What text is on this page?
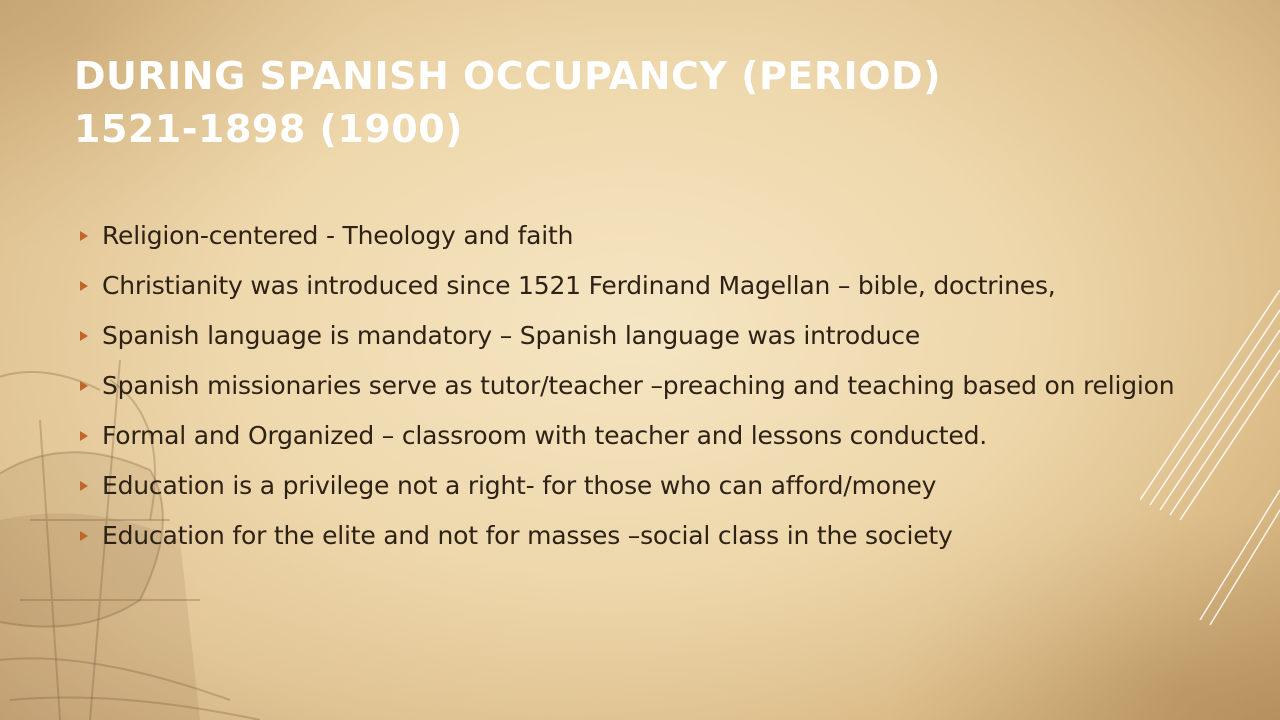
DURING SPANISH OCCUPANCY (PERIOD)
1521-1898 (1900)
Religion-centered - Theology and faith
Christianity was introduced since 1521 Ferdinand Magellan – bible, doctrines,
Spanish language is mandatory – Spanish language was introduce
Spanish missionaries serve as tutor/teacher –preaching and teaching based on religion
Formal and Organized – classroom with teacher and lessons conducted.
Education is a privilege not a right- for those who can afford/money
Education for the elite and not for masses –social class in the society
